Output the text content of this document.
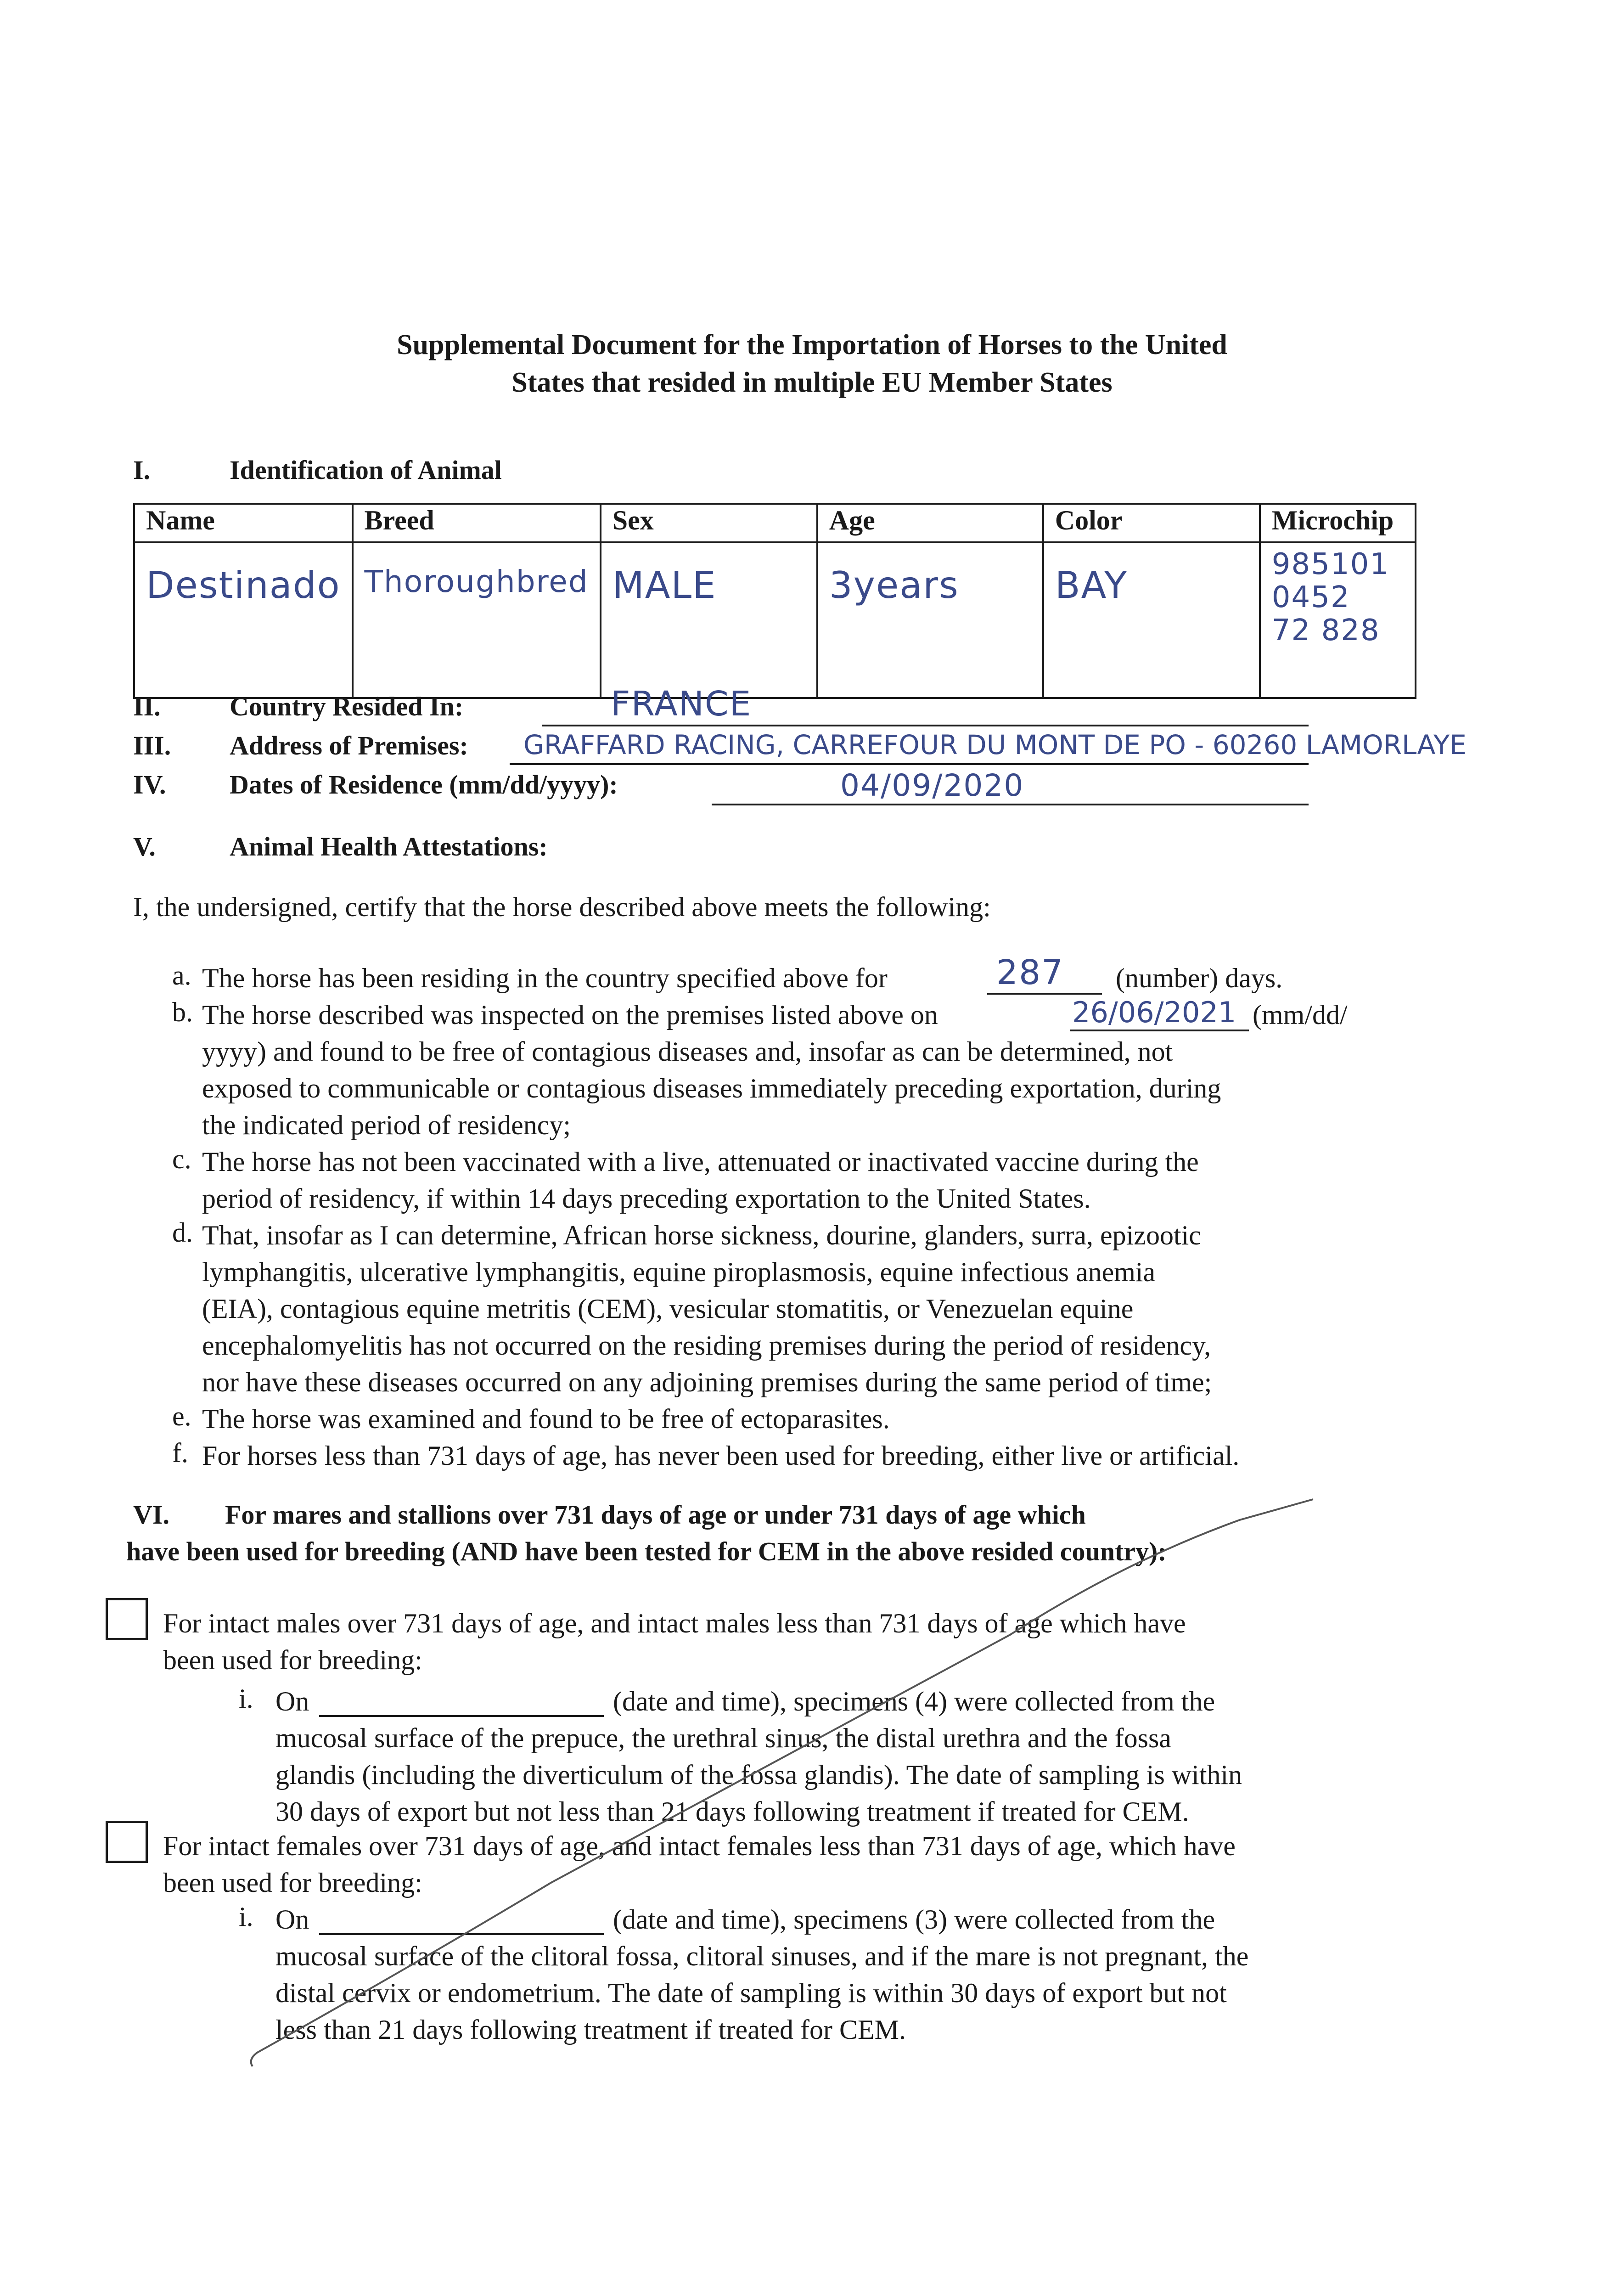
Supplemental Document for the Importation of Horses to the United
States that resided in multiple EU Member States
I.	Identification of Animal
Name	Breed	Sex	Age	Color	Microchip
Destinado	Thoroughbred	MALE	3years	BAY	985101 0452
72 828
II.	Country Resided In:	FRANCE
III. Address of Premises: GRAFFARD RACING, CARREFOUR DU MONT DE PO - 60260 LAMORLAYE
IV. Dates of Residence (mm/dd/yyyy):	04/09/2020
V.	Animal Health Attestations:
I, the undersigned, certify that the horse described above meets the following:
a. The horse has been residing in the country specified above for	287 (number) days.
b. The horse described was inspected on the premises listed above on	26/06/2021 (mm/dd/
yyyy) and found to be free of contagious diseases and, insofar as can be determined, not
exposed to communicable or contagious diseases immediately preceding exportation, during
the indicated period of residency;
c. The horse has not been vaccinated with a live, attenuated or inactivated vaccine during the
period of residency, if within 14 days preceding exportation to the United States.
d. That, insofar as I can determine, African horse sickness, dourine, glanders, surra, epizootic
lymphangitis, ulcerative lymphangitis, equine piroplasmosis, equine infectious anemia
(EIA), contagious equine metritis (CEM), vesicular stomatitis, or Venezuelan equine
encephalomyelitis has not occurred on the residing premises during the period of residency,
nor have these diseases occurred on any adjoining premises during the same period of time;
e. The horse was examined and found to be free of ectoparasites.
f. For horses less than 731 days of age, has never been used for breeding, either live or artificial.
VI. For mares and stallions over 731 days of age or under 731 days of age which
have been used for breeding (AND have been tested for CEM in the above resided country):
For intact males over 731 days of age, and intact males less than 731 days of age which have
been used for breeding:
i. On	(date and time), specimens (4) were collected from the
mucosal surface of the prepuce, the urethral sinus, the distal urethra and the fossa
glandis (including the diverticulum of the fossa glandis). The date of sampling is within
30 days of export but not less than 21 days following treatment if treated for CEM.
For intact females over 731 days of age, and intact females less than 731 days of age, which have
been used for breeding:
i. On	(date and time), specimens (3) were collected from the
mucosal surface of the clitoral fossa, clitoral sinuses, and if the mare is not pregnant, the
distal cervix or endometrium. The date of sampling is within 30 days of export but not
less than 21 days following treatment if treated for CEM.
